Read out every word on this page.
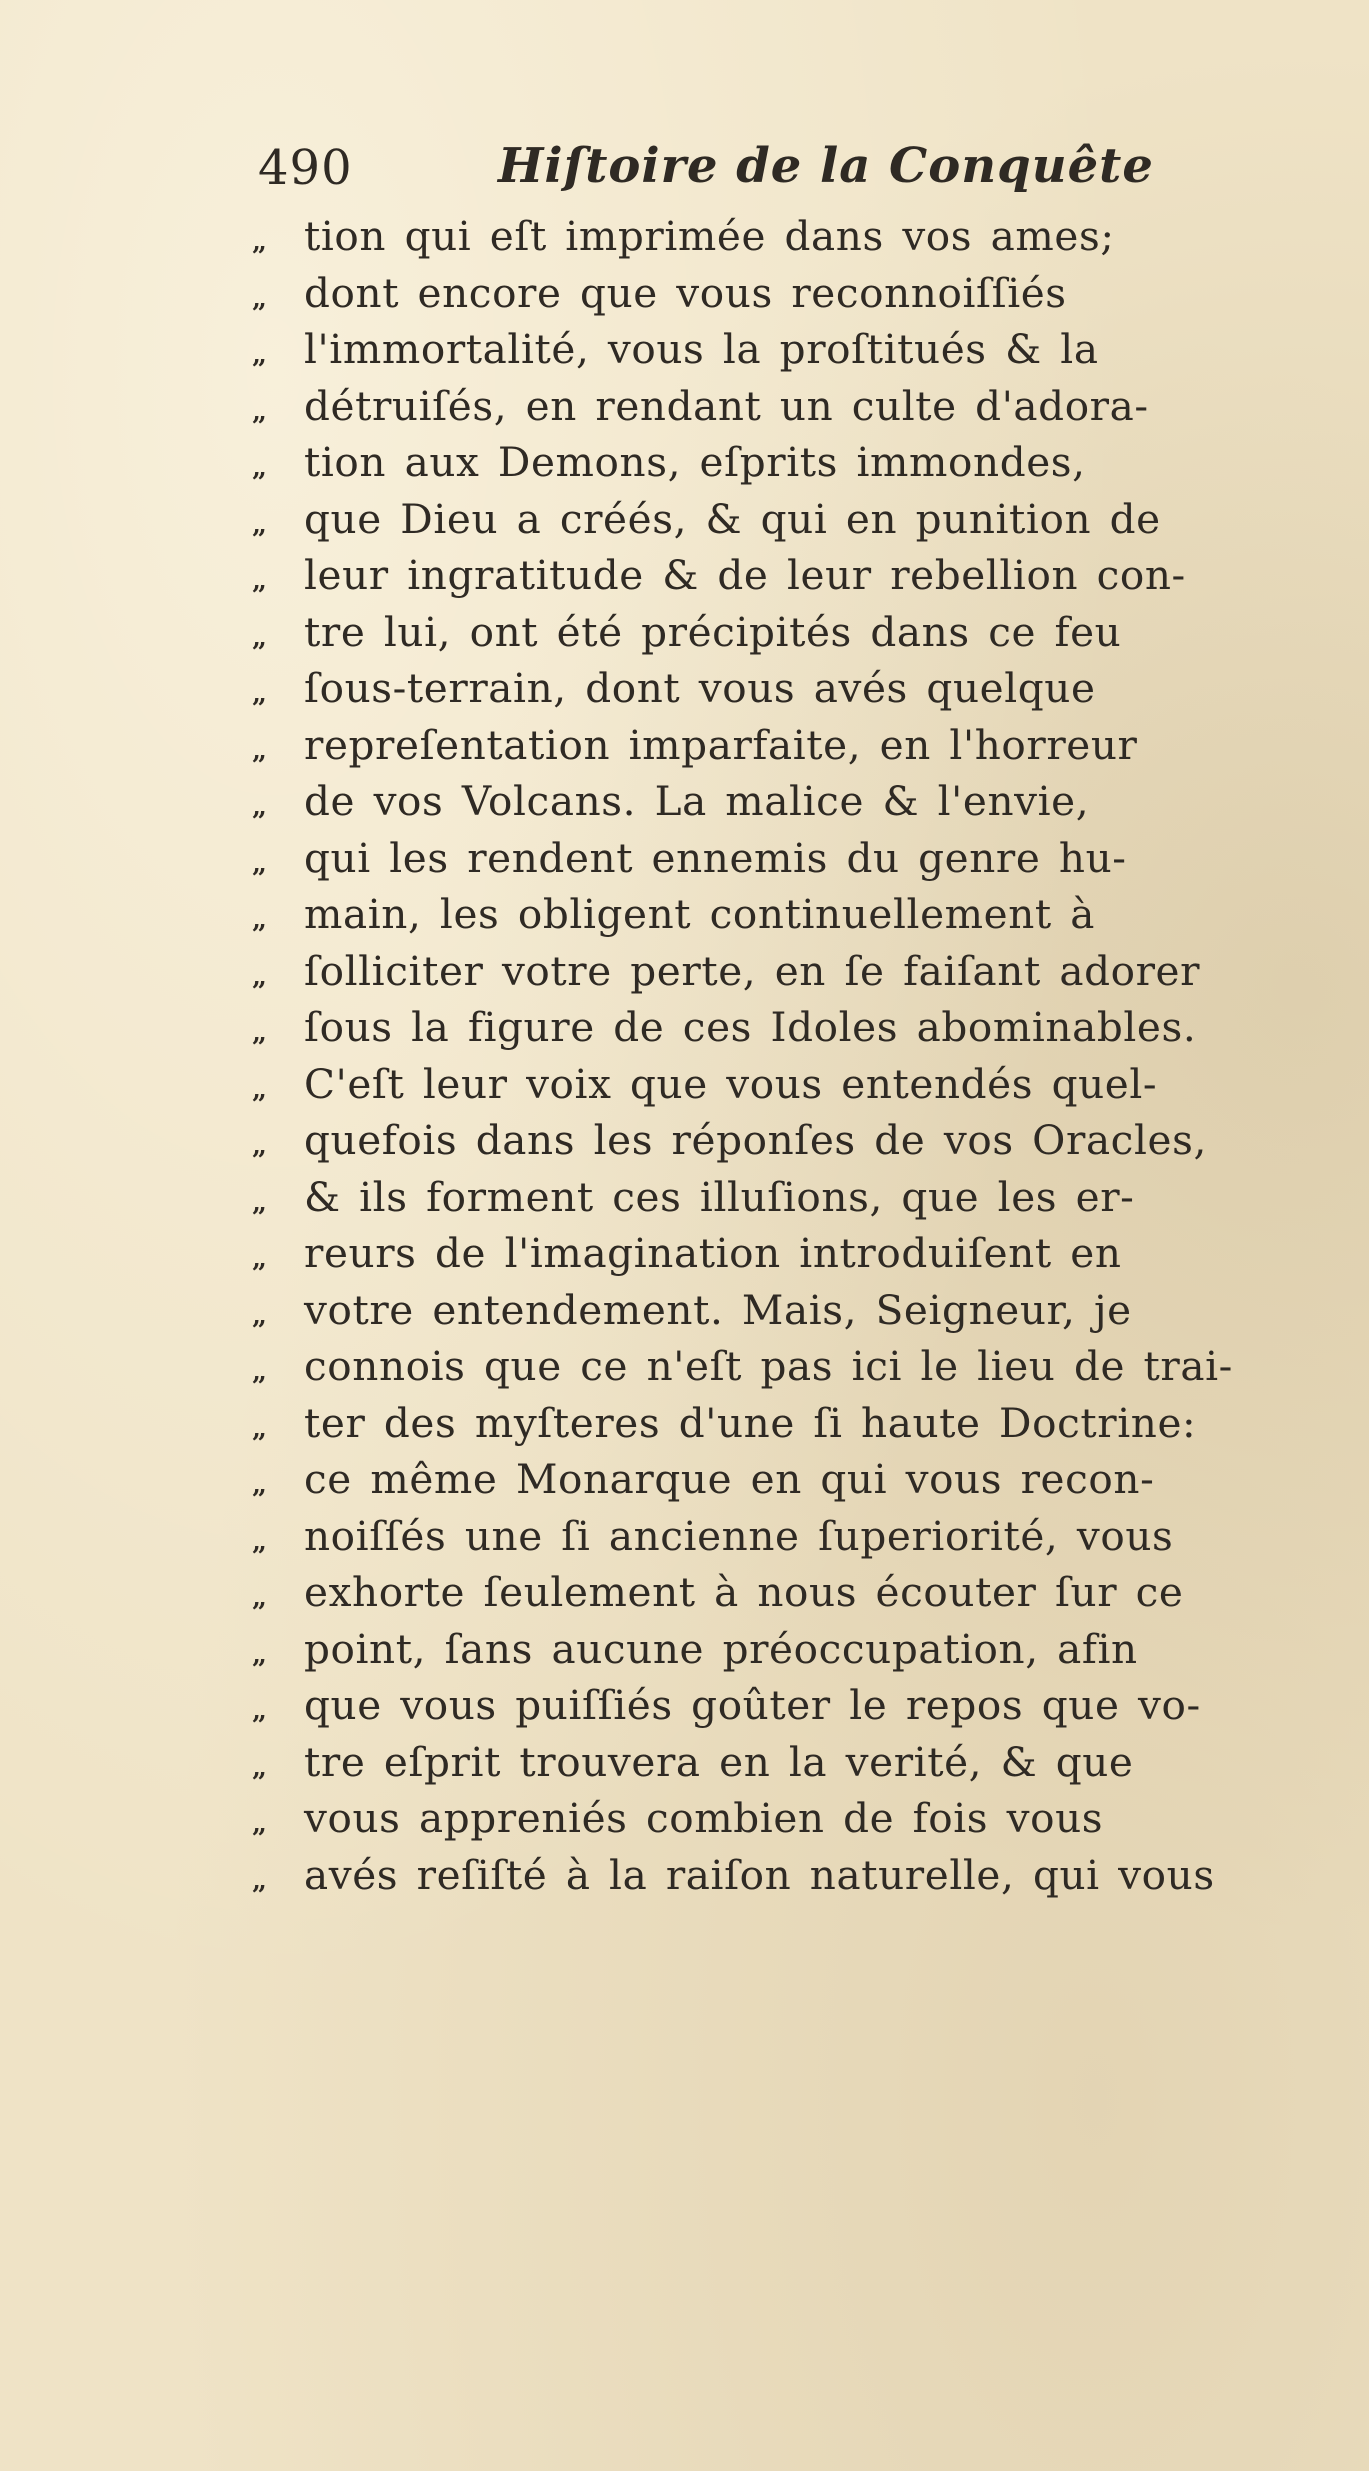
490	Hiſtoire de la Conquête
„ tion qui eſt imprimée dans vos ames;
„ dont encore que vous reconnoiſſiés
„ l'immortalité, vous la proſtitués & la
„ détruiſés, en rendant un culte d'adora-
„ tion aux Demons, eſprits immondes,
„ que Dieu a créés, & qui en punition de
„ leur ingratitude & de leur rebellion con-
„ tre lui, ont été précipités dans ce feu
„ ſous-terrain, dont vous avés quelque
„ repreſentation imparfaite, en l'horreur
„ de vos Volcans. La malice & l'envie,
„ qui les rendent ennemis du genre hu-
„ main, les obligent continuellement à
„ ſolliciter votre perte, en ſe faiſant adorer
„ ſous la figure de ces Idoles abominables.
„ C'eſt leur voix que vous entendés quel-
„ quefois dans les réponſes de vos Oracles,
„ & ils forment ces illuſions, que les er-
„ reurs de l'imagination introduiſent en
„ votre entendement. Mais, Seigneur, je
„ connois que ce n'eſt pas ici le lieu de trai-
„ ter des myſteres d'une ſi haute Doctrine:
„ ce même Monarque en qui vous recon-
„ noiſſés une ſi ancienne ſuperiorité, vous
„ exhorte ſeulement à nous écouter ſur ce
„ point, ſans aucune préoccupation, afin
„ que vous puiſſiés goûter le repos que vo-
„ tre eſprit trouvera en la verité, & que
„ vous appreniés combien de fois vous
„ avés reſiſté à la raiſon naturelle, qui vous
